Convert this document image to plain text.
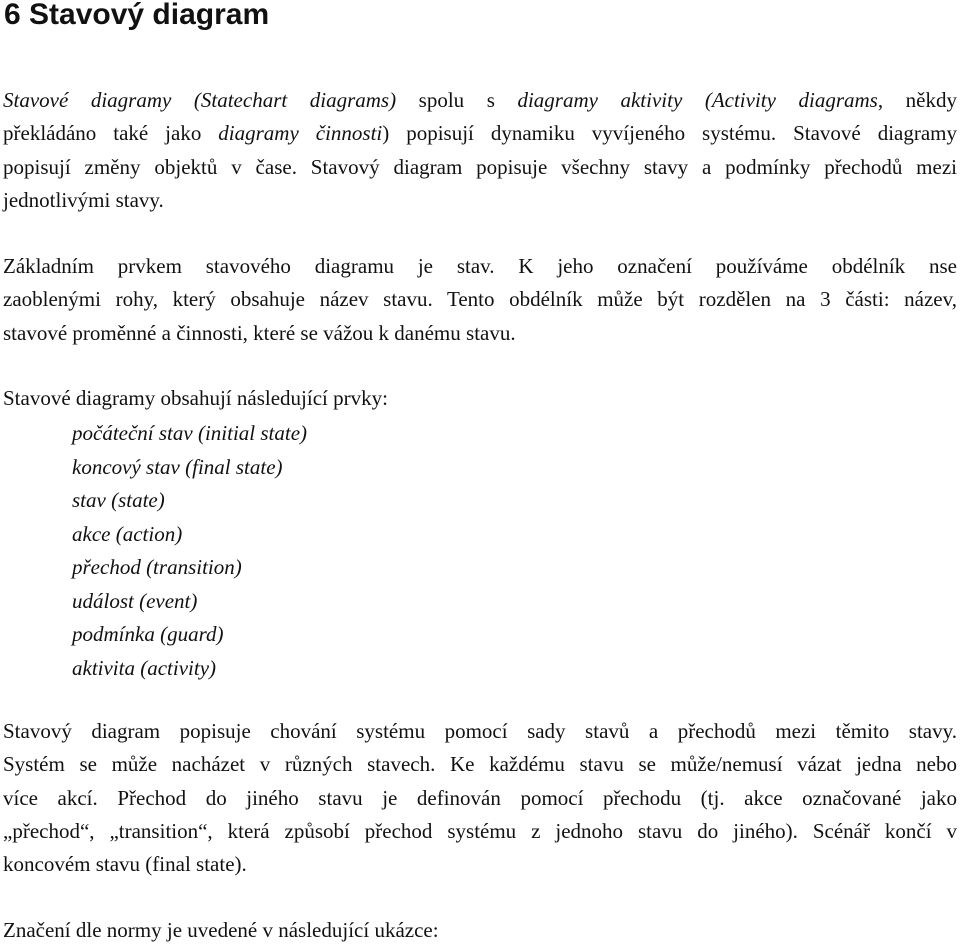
6 Stavový diagram
Stavové diagramy (Statechart diagrams) spolu s diagramy aktivity (Activity diagrams, někdy
překládáno také jako diagramy činnosti) popisují dynamiku vyvíjeného systému. Stavové diagramy
popisují změny objektů v čase. Stavový diagram popisuje všechny stavy a podmínky přechodů mezi
jednotlivými stavy.
Základním prvkem stavového diagramu je stav. K jeho označení používáme obdélník nse
zaoblenými rohy, který obsahuje název stavu. Tento obdélník může být rozdělen na 3 části: název,
stavové proměnné a činnosti, které se vážou k danému stavu.
Stavové diagramy obsahují následující prvky:
počáteční stav (initial state)
koncový stav (final state)
stav (state)
akce (action)
přechod (transition)
událost (event)
podmínka (guard)
aktivita (activity)
Stavový diagram popisuje chování systému pomocí sady stavů a přechodů mezi těmito stavy.
Systém se může nacházet v různých stavech. Ke každému stavu se může/nemusí vázat jedna nebo
více akcí. Přechod do jiného stavu je definován pomocí přechodu (tj. akce označované jako
„přechod“, „transition“, která způsobí přechod systému z jednoho stavu do jiného). Scénář končí v
koncovém stavu (final state).
Značení dle normy je uvedené v následující ukázce:
